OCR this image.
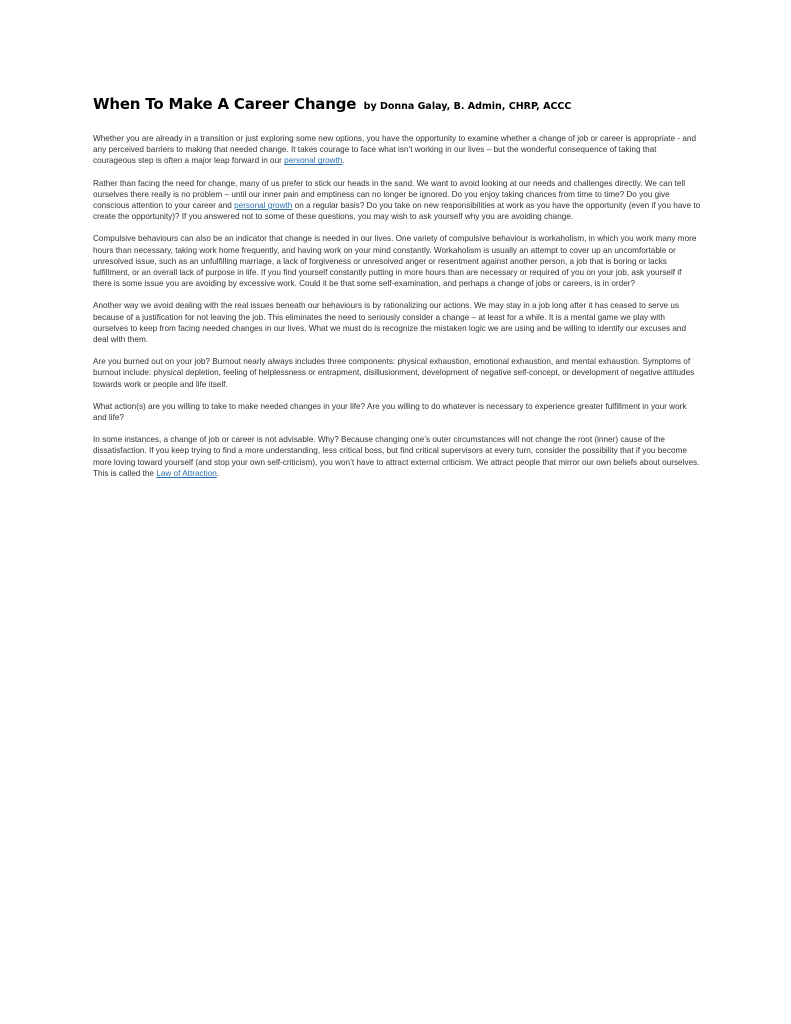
When To Make A Career Change by Donna Galay, B. Admin, CHRP, ACCC

Whether you are already in a transition or just exploring some new options, you have the opportunity to examine whether a change of job or career is appropriate - and any perceived barriers to making that needed change. It takes courage to face what isn’t working in our lives – but the wonderful consequence of taking that courageous step is often a major leap forward in our personal growth.

Rather than facing the need for change, many of us prefer to stick our heads in the sand. We want to avoid looking at our needs and challenges directly. We can tell ourselves there really is no problem – until our inner pain and emptiness can no longer be ignored. Do you enjoy taking chances from time to time? Do you give conscious attention to your career and personal growth on a regular basis? Do you take on new responsibilities at work as you have the opportunity (even if you have to create the opportunity)? If you answered not to some of these questions, you may wish to ask yourself why you are avoiding change.

Compulsive behaviours can also be an indicator that change is needed in our lives. One variety of compulsive behaviour is workaholism, in which you work many more hours than necessary, taking work home frequently, and having work on your mind constantly. Workaholism is usually an attempt to cover up an uncomfortable or unresolved issue, such as an unfulfilling marriage, a lack of forgiveness or unresolved anger or resentment against another person, a job that is boring or lacks fulfillment, or an overall lack of purpose in life. If you find yourself constantly putting in more hours than are necessary or required of you on your job, ask yourself if there is some issue you are avoiding by excessive work. Could it be that some self-examination, and perhaps a change of jobs or careers, is in order?

Another way we avoid dealing with the real issues beneath our behaviours is by rationalizing our actions. We may stay in a job long after it has ceased to serve us because of a justification for not leaving the job. This eliminates the need to seriously consider a change – at least for a while. It is a mental game we play with ourselves to keep from facing needed changes in our lives. What we must do is recognize the mistaken logic we are using and be willing to identify our excuses and deal with them.

Are you burned out on your job? Burnout nearly always includes three components: physical exhaustion, emotional exhaustion, and mental exhaustion. Symptoms of burnout include: physical depletion, feeling of helplessness or entrapment, disillusionment, development of negative self-concept, or development of negative attitudes towards work or people and life itself.

What action(s) are you willing to take to make needed changes in your life? Are you willing to do whatever is necessary to experience greater fulfillment in your work and life?

In some instances, a change of job or career is not advisable. Why? Because changing one’s outer circumstances will not change the root (inner) cause of the dissatisfaction. If you keep trying to find a more understanding, less critical boss, but find critical supervisors at every turn, consider the possibility that if you become more loving toward yourself (and stop your own self-criticism), you won’t have to attract external criticism. We attract people that mirror our own beliefs about ourselves. This is called the Law of Attraction.
